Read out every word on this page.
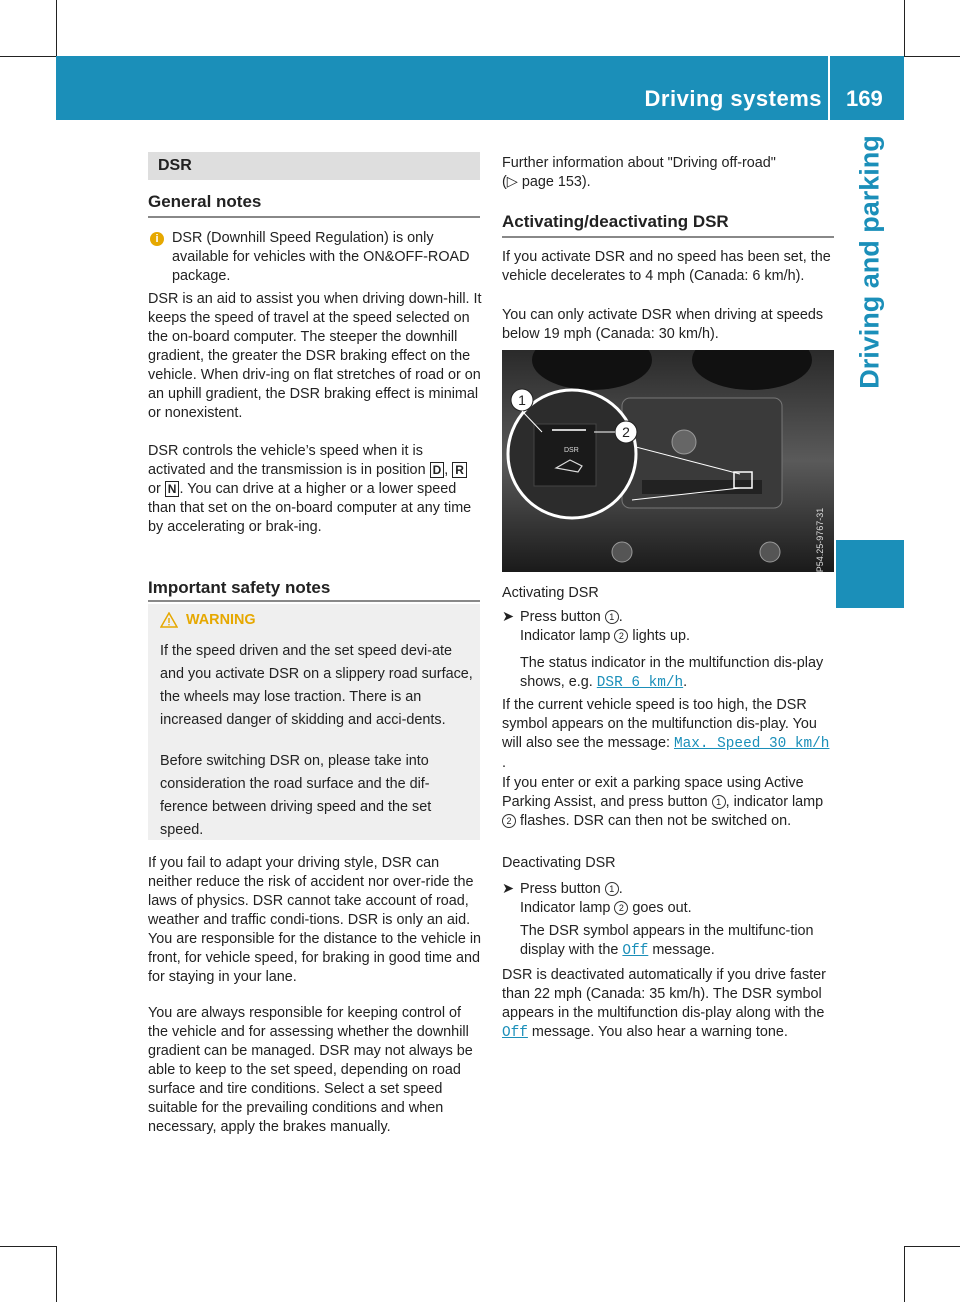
Driving systems 169
Driving and parking
DSR
General notes
i DSR (Downhill Speed Regulation) is only available for vehicles with the ON&OFF-ROAD package.

DSR is an aid to assist you when driving down-hill. It keeps the speed of travel at the speed selected on the on-board computer. The steeper the downhill gradient, the greater the DSR braking effect on the vehicle. When driv-ing on flat stretches of road or on an uphill gradient, the DSR braking effect is minimal or nonexistent.

DSR controls the vehicle’s speed when it is activated and the transmission is in position D , R or N . You can drive at a higher or a lower speed than that set on the on-board computer at any time by accelerating or brak-ing.

Important safety notes
WARNING

If the speed driven and the set speed devi-ate and you activate DSR on a slippery road surface, the wheels may lose traction. There is an increased danger of skidding and acci-dents.

Before switching DSR on, please take into consideration the road surface and the dif-ference between driving speed and the set speed.

If you fail to adapt your driving style, DSR can neither reduce the risk of accident nor over-ride the laws of physics. DSR cannot take account of road, weather and traffic condi-tions. DSR is only an aid. You are responsible for the distance to the vehicle in front, for vehicle speed, for braking in good time and for staying in your lane.

You are always responsible for keeping control of the vehicle and for assessing whether the downhill gradient can be managed. DSR may not always be able to keep to the set speed, depending on road surface and tire conditions. Select a set speed suitable for the prevailing conditions and when necessary, apply the brakes manually.

Further information about "Driving off-road"
(▷ page 153).

Activating/deactivating DSR

If you activate DSR and no speed has been set, the vehicle decelerates to 4 mph (Canada: 6 km/h).

You can only activate DSR when driving at speeds below 19 mph (Canada: 30 km/h).

DSR
1
2
P54.25-9767-31

Activating DSR

➤ Press button 1 .
Indicator lamp 2 lights up.

The status indicator in the multifunction dis-play shows, e.g. DSR 6 km/h.

If the current vehicle speed is too high, the DSR symbol appears on the multifunction dis-play. You will also see the message: Max. Speed 30 km/h .

If you enter or exit a parking space using Active Parking Assist, and press button 1 , indicator lamp 2 flashes. DSR can then not be switched on.

Deactivating DSR

➤ Press button 1 .
Indicator lamp 2 goes out.

The DSR symbol appears in the multifunc-tion display with the Off message.

DSR is deactivated automatically if you drive faster than 22 mph (Canada: 35 km/h). The DSR symbol appears in the multifunction dis-play along with the Off message. You also hear a warning tone.
